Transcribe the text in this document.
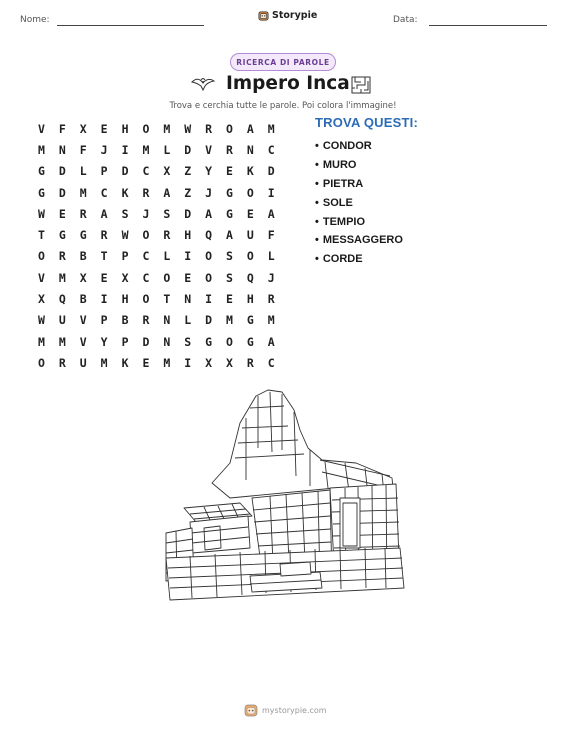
Nome:	Storypie	Data:
RICERCA DI PAROLE
Impero Inca
Trova e cerchia tutte le parole. Poi colora l'immagine!
V	F	X	E	H	O	M	W	R	O	A	M
M	N	F	J	I	M	L	D	V	R	N	C
G	D	L	P	D	C	X	Z	Y	E	K	D
G	D	M	C	K	R	A	Z	J	G	O	I
W	E	R	A	S	J	S	D	A	G	E	A
T	G	G	R	W	O	R	H	Q	A	U	F
O	R	B	T	P	C	L	I	O	S	O	L
V	M	X	E	X	C	O	E	O	S	Q	J
X	Q	B	I	H	O	T	N	I	E	H	R
W	U	V	P	B	R	N	L	D	M	G	M
M	M	V	Y	P	D	N	S	G	O	G	A
O	R	U	M	K	E	M	I	X	X	R	C
TROVA QUESTI:
• CONDOR
• MURO
• PIETRA
• SOLE
• TEMPIO
• MESSAGGERO
• CORDE
mystorypie.com
